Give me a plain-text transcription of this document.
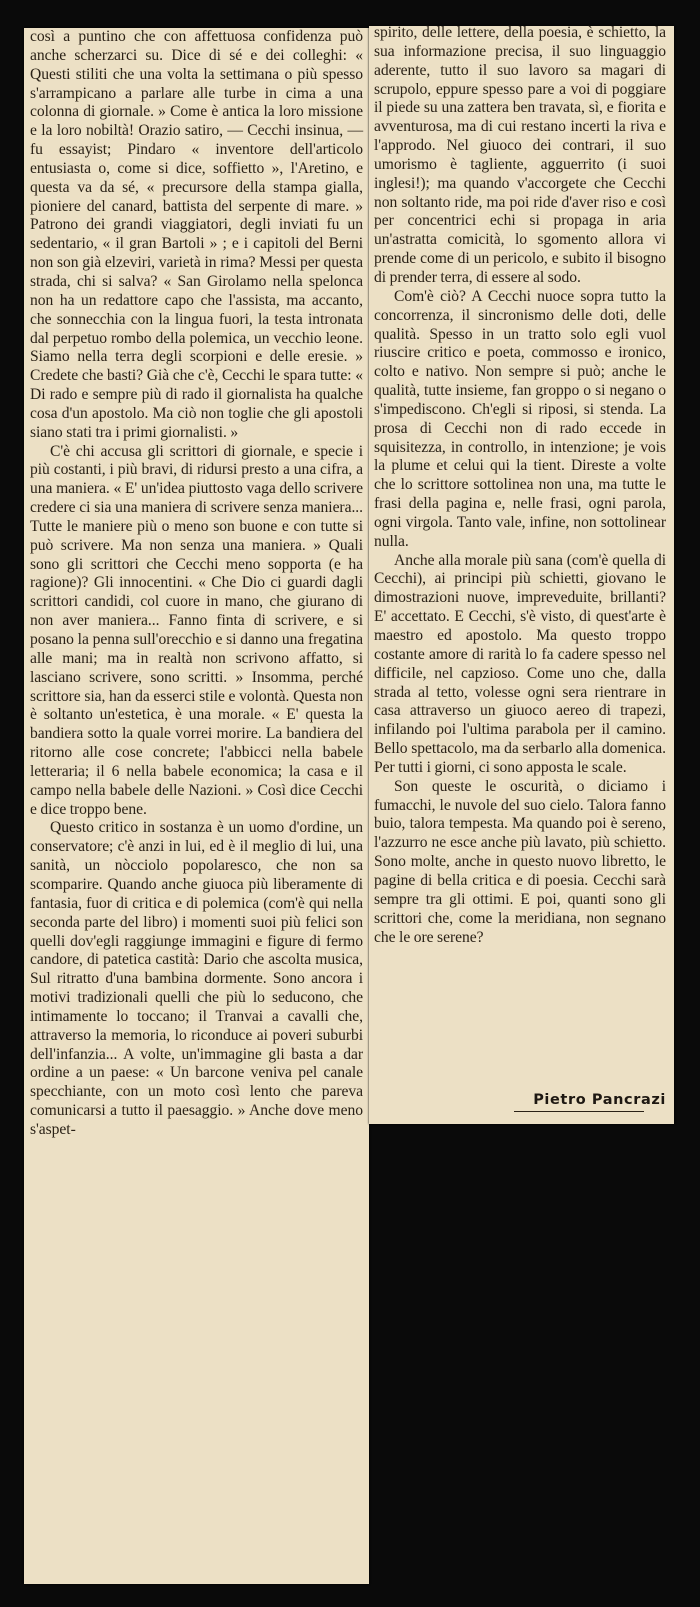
così a puntino che con affettuosa confidenza può anche scherzarci su. Dice di sé e dei colleghi: « Questi stiliti che una volta la settimana o più spesso s'arrampicano a parlare alle turbe in cima a una colonna di giornale. » Come è antica la loro missione e la loro nobiltà! Orazio satiro, — Cecchi insinua, — fu essayist; Pindaro « inventore dell'articolo entusiasta o, come si dice, soffietto », l'Aretino, e questa va da sé, « precursore della stampa gialla, pioniere del canard, battista del serpente di mare. » Patrono dei grandi viaggiatori, degli inviati fu un sedentario, « il gran Bartoli » ; e i capitoli del Berni non son già elzeviri, varietà in rima? Messi per questa strada, chi si salva? « San Girolamo nella spelonca non ha un redattore capo che l'assista, ma accanto, che sonnecchia con la lingua fuori, la testa intronata dal perpetuo rombo della polemica, un vecchio leone. Siamo nella terra degli scorpioni e delle eresie. » Credete che basti? Già che c'è, Cecchi le spara tutte: « Di rado e sempre più di rado il giornalista ha qualche cosa d'un apostolo. Ma ciò non toglie che gli apostoli siano stati tra i primi giornalisti. »

C'è chi accusa gli scrittori di giornale, e specie i più costanti, i più bravi, di ridursi presto a una cifra, a una maniera. « E' un'idea piuttosto vaga dello scrivere credere ci sia una maniera di scrivere senza maniera... Tutte le maniere più o meno son buone e con tutte si può scrivere. Ma non senza una maniera. » Quali sono gli scrittori che Cecchi meno sopporta (e ha ragione)? Gli innocentini. « Che Dio ci guardi dagli scrittori candidi, col cuore in mano, che giurano di non aver maniera... Fanno finta di scrivere, e si posano la penna sull'orecchio e si danno una fregatina alle mani; ma in realtà non scrivono affatto, si lasciano scrivere, sono scritti. » Insomma, perché scrittore sia, han da esserci stile e volontà. Questa non è soltanto un'estetica, è una morale. « E' questa la bandiera sotto la quale vorrei morire. La bandiera del ritorno alle cose concrete; l'abbicci nella babele letteraria; il 6 nella babele economica; la casa e il campo nella babele delle Nazioni. » Così dice Cecchi e dice troppo bene.

Questo critico in sostanza è un uomo d'ordine, un conservatore; c'è anzi in lui, ed è il meglio di lui, una sanità, un nòcciolo popolaresco, che non sa scomparire. Quando anche giuoca più liberamente di fantasia, fuor di critica e di polemica (com'è qui nella seconda parte del libro) i momenti suoi più felici son quelli dov'egli raggiunge immagini e figure di fermo candore, di patetica castità: Dario che ascolta musica, Sul ritratto d'una bambina dormente. Sono ancora i motivi tradizionali quelli che più lo seducono, che intimamente lo toccano; il Tranvai a cavalli che, attraverso la memoria, lo riconduce ai poveri suburbi dell'infanzia... A volte, un'immagine gli basta a dar ordine a un paese: « Un barcone veniva pel canale specchiante, con un moto così lento che pareva comunicarsi a tutto il paesaggio. » Anche dove meno s'aspet-

spirito, delle lettere, della poesia, è schietto, la sua informazione precisa, il suo linguaggio aderente, tutto il suo lavoro sa magari di scrupolo, eppure spesso pare a voi di poggiare il piede su una zattera ben travata, sì, e fiorita e avventurosa, ma di cui restano incerti la riva e l'approdo. Nel giuoco dei contrari, il suo umorismo è tagliente, agguerrito (i suoi inglesi!); ma quando v'accorgete che Cecchi non soltanto ride, ma poi ride d'aver riso e così per concentrici echi si propaga in aria un'astratta comicità, lo sgomento allora vi prende come di un pericolo, e subito il bisogno di prender terra, di essere al sodo.

Com'è ciò? A Cecchi nuoce sopra tutto la concorrenza, il sincronismo delle doti, delle qualità. Spesso in un tratto solo egli vuol riuscire critico e poeta, commosso e ironico, colto e nativo. Non sempre si può; anche le qualità, tutte insieme, fan groppo o si negano o s'impediscono. Ch'egli si riposi, si stenda. La prosa di Cecchi non di rado eccede in squisitezza, in controllo, in intenzione; je vois la plume et celui qui la tient. Direste a volte che lo scrittore sottolinea non una, ma tutte le frasi della pagina e, nelle frasi, ogni parola, ogni virgola. Tanto vale, infine, non sottolinear nulla.

Anche alla morale più sana (com'è quella di Cecchi), ai principi più schietti, giovano le dimostrazioni nuove, impreveduite, brillanti? E' accettato. E Cecchi, s'è visto, di quest'arte è maestro ed apostolo. Ma questo troppo costante amore di rarità lo fa cadere spesso nel difficile, nel capzioso. Come uno che, dalla strada al tetto, volesse ogni sera rientrare in casa attraverso un giuoco aereo di trapezi, infilando poi l'ultima parabola per il camino. Bello spettacolo, ma da serbarlo alla domenica. Per tutti i giorni, ci sono apposta le scale.

Son queste le oscurità, o diciamo i fumacchi, le nuvole del suo cielo. Talora fanno buio, talora tempesta. Ma quando poi è sereno, l'azzurro ne esce anche più lavato, più schietto. Sono molte, anche in questo nuovo libretto, le pagine di bella critica e di poesia. Cecchi sarà sempre tra gli ottimi. E poi, quanti sono gli scrittori che, come la meridiana, non segnano che le ore serene?

Pietro Pancrazi
